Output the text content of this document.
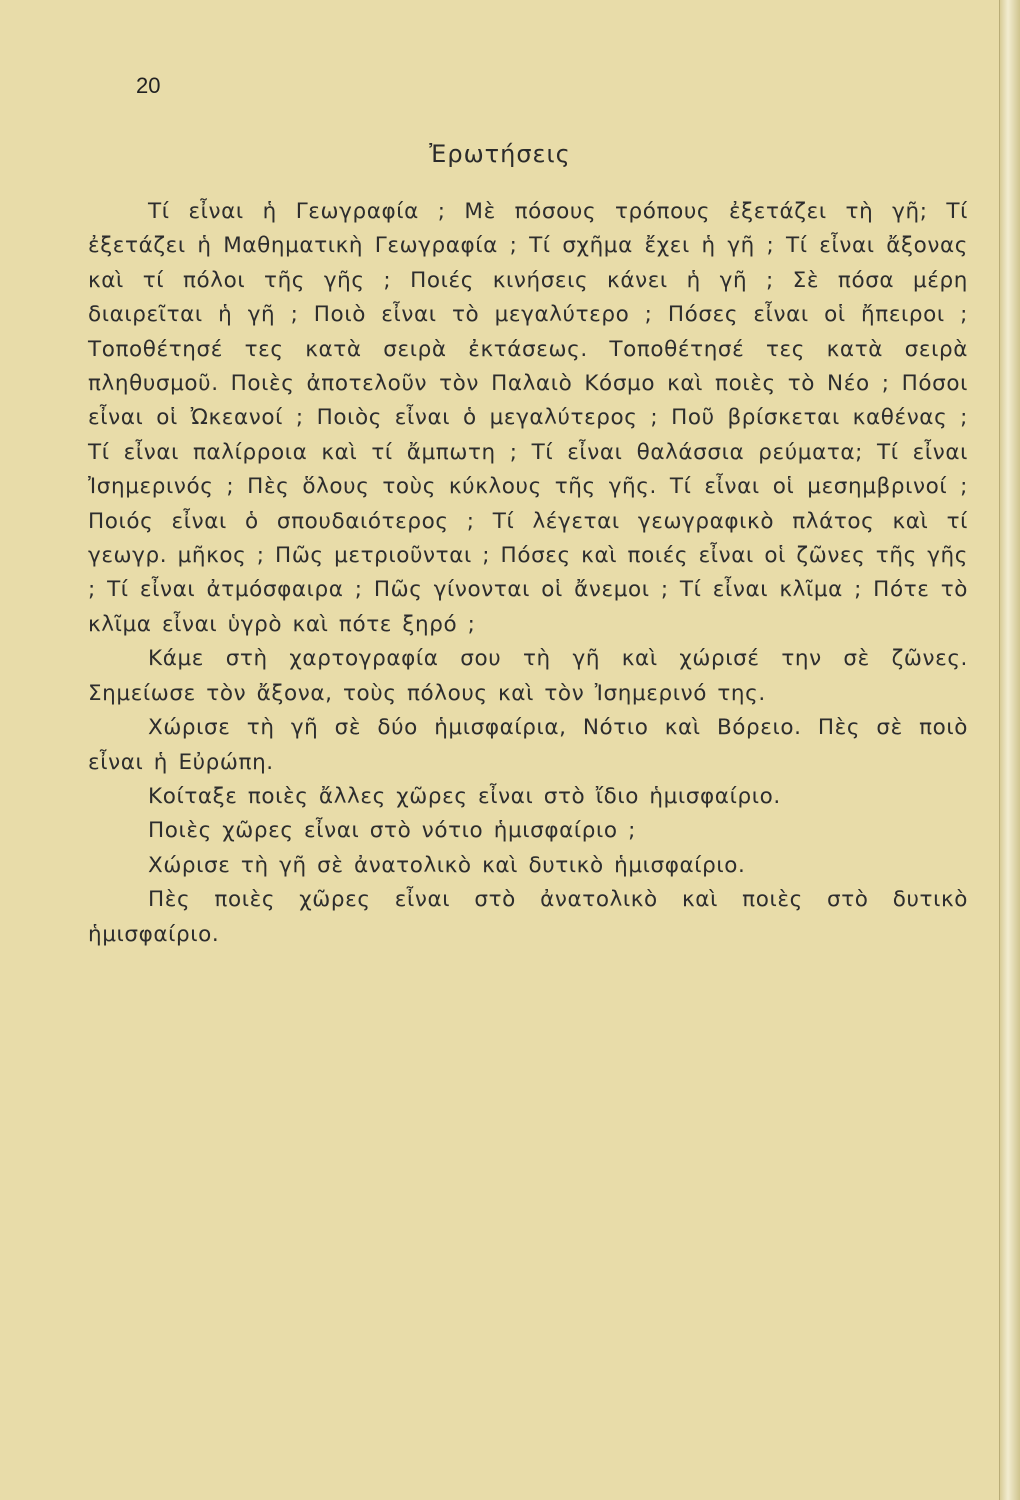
20
Ἐρωτήσεις

Τί εἶναι ἡ Γεωγραφία ; Μὲ πόσους τρόπους ἐξετάζει τὴ γῆ; Τί ἐξετάζει ἡ Μαθηματικὴ Γεωγραφία ; Τί σχῆμα ἔχει ἡ γῆ ; Τί εἶναι ἄξονας καὶ τί πόλοι τῆς γῆς ; Ποιές κινήσεις κάνει ἡ γῆ ; Σὲ πόσα μέρη διαιρεῖται ἡ γῆ ; Ποιὸ εἶναι τὸ μεγαλύτερο ; Πόσες εἶναι οἱ ἤπειροι ; Τοποθέτησέ τες κατὰ σειρὰ ἐκτάσεως. Τοποθέτησέ τες κατὰ σειρὰ πληθυσμοῦ. Ποιὲς ἀποτελοῦν τὸν Παλαιὸ Κόσμο καὶ ποιὲς τὸ Νέο ; Πόσοι εἶναι οἱ Ὠκεανοί ; Ποιὸς εἶναι ὁ μεγαλύτερος ; Ποῦ βρίσκεται καθένας ; Τί εἶναι παλίρροια καὶ τί ἄμπωτη ; Τί εἶναι θαλάσσια ρεύματα; Τί εἶναι Ἰσημερινός ; Πὲς ὅλους τοὺς κύκλους τῆς γῆς. Τί εἶναι οἱ μεσημβρινοί ; Ποιός εἶναι ὁ σπουδαιότερος ; Τί λέγεται γεωγραφικὸ πλάτος καὶ τί γεωγρ. μῆκος ; Πῶς μετριοῦνται ; Πόσες καὶ ποιές εἶναι οἱ ζῶνες τῆς γῆς ; Τί εἶναι ἀτμόσφαιρα ; Πῶς γίνονται οἱ ἄνεμοι ; Τί εἶναι κλῖμα ; Πότε τὸ κλῖμα εἶναι ὑγρὸ καὶ πότε ξηρό ;

Κάμε στὴ χαρτογραφία σου τὴ γῆ καὶ χώρισέ την σὲ ζῶνες. Σημείωσε τὸν ἄξονα, τοὺς πόλους καὶ τὸν Ἰσημερινό της.

Χώρισε τὴ γῆ σὲ δύο ἡμισφαίρια, Νότιο καὶ Βόρειο. Πὲς σὲ ποιὸ εἶναι ἡ Εὐρώπη.

Κοίταξε ποιὲς ἄλλες χῶρες εἶναι στὸ ἴδιο ἡμισφαίριο.

Ποιὲς χῶρες εἶναι στὸ νότιο ἡμισφαίριο ;

Χώρισε τὴ γῆ σὲ ἀνατολικὸ καὶ δυτικὸ ἡμισφαίριο.

Πὲς ποιὲς χῶρες εἶναι στὸ ἀνατολικὸ καὶ ποιὲς στὸ δυτικὸ ἡμισφαίριο.
